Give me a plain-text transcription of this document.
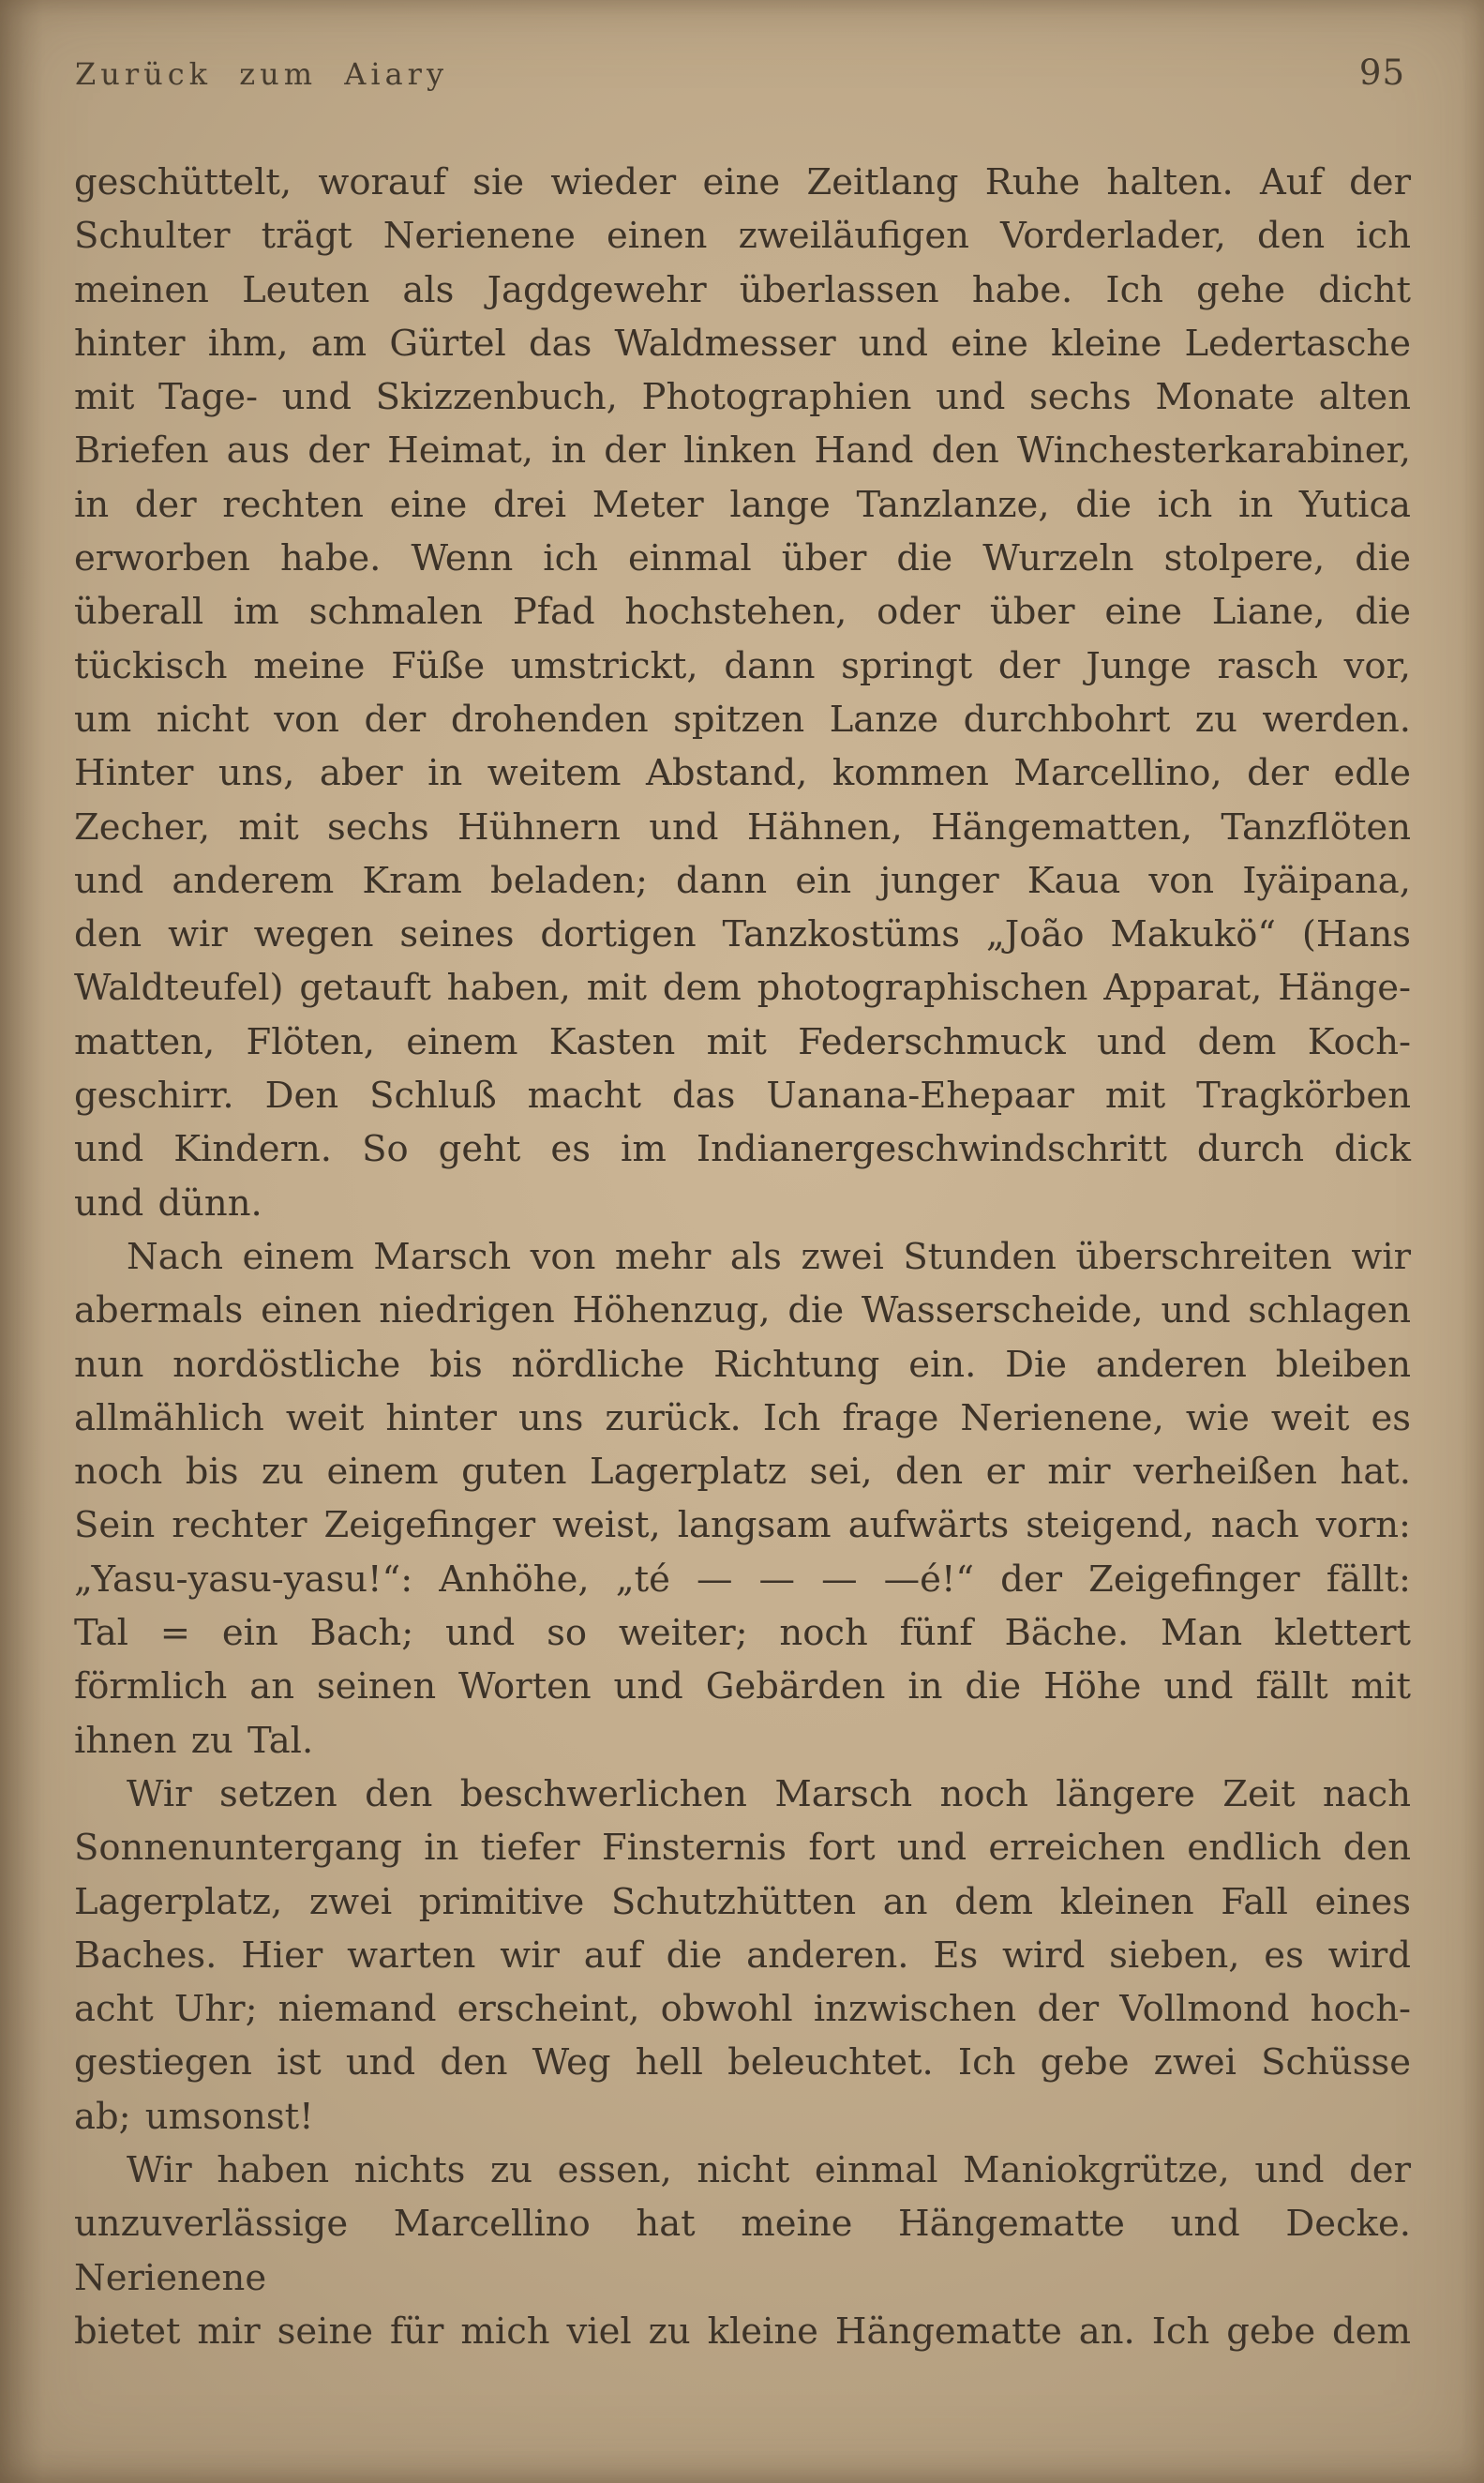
Zurück zum Aiary	95
geschüttelt, worauf sie wieder eine Zeitlang Ruhe halten. Auf der
Schulter trägt Nerienene einen zweiläufigen Vorderlader, den ich
meinen Leuten als Jagdgewehr überlassen habe. Ich gehe dicht
hinter ihm, am Gürtel das Waldmesser und eine kleine Ledertasche
mit Tage- und Skizzenbuch, Photographien und sechs Monate alten
Briefen aus der Heimat, in der linken Hand den Winchesterkarabiner,
in der rechten eine drei Meter lange Tanzlanze, die ich in Yutica
erworben habe. Wenn ich einmal über die Wurzeln stolpere, die
überall im schmalen Pfad hochstehen, oder über eine Liane, die
tückisch meine Füße umstrickt, dann springt der Junge rasch vor,
um nicht von der drohenden spitzen Lanze durchbohrt zu werden.
Hinter uns, aber in weitem Abstand, kommen Marcellino, der edle
Zecher, mit sechs Hühnern und Hähnen, Hängematten, Tanzflöten
und anderem Kram beladen; dann ein junger Kaua von Iyäipana,
den wir wegen seines dortigen Tanzkostüms „João Makukö“ (Hans
Waldteufel) getauft haben, mit dem photographischen Apparat, Hänge-
matten, Flöten, einem Kasten mit Federschmuck und dem Koch-
geschirr. Den Schluß macht das Uanana-Ehepaar mit Tragkörben
und Kindern. So geht es im Indianergeschwindschritt durch dick
und dünn.
Nach einem Marsch von mehr als zwei Stunden überschreiten wir
abermals einen niedrigen Höhenzug, die Wasserscheide, und schlagen
nun nordöstliche bis nördliche Richtung ein. Die anderen bleiben
allmählich weit hinter uns zurück. Ich frage Nerienene, wie weit es
noch bis zu einem guten Lagerplatz sei, den er mir verheißen hat.
Sein rechter Zeigefinger weist, langsam aufwärts steigend, nach vorn:
„Yasu-yasu-yasu!“: Anhöhe, „té — — — —é!“ der Zeigefinger fällt:
Tal = ein Bach; und so weiter; noch fünf Bäche. Man klettert
förmlich an seinen Worten und Gebärden in die Höhe und fällt mit
ihnen zu Tal.
Wir setzen den beschwerlichen Marsch noch längere Zeit nach
Sonnenuntergang in tiefer Finsternis fort und erreichen endlich den
Lagerplatz, zwei primitive Schutzhütten an dem kleinen Fall eines
Baches. Hier warten wir auf die anderen. Es wird sieben, es wird
acht Uhr; niemand erscheint, obwohl inzwischen der Vollmond hoch-
gestiegen ist und den Weg hell beleuchtet. Ich gebe zwei Schüsse
ab; umsonst!
Wir haben nichts zu essen, nicht einmal Maniokgrütze, und der
unzuverlässige Marcellino hat meine Hängematte und Decke. Nerienene
bietet mir seine für mich viel zu kleine Hängematte an. Ich gebe dem
